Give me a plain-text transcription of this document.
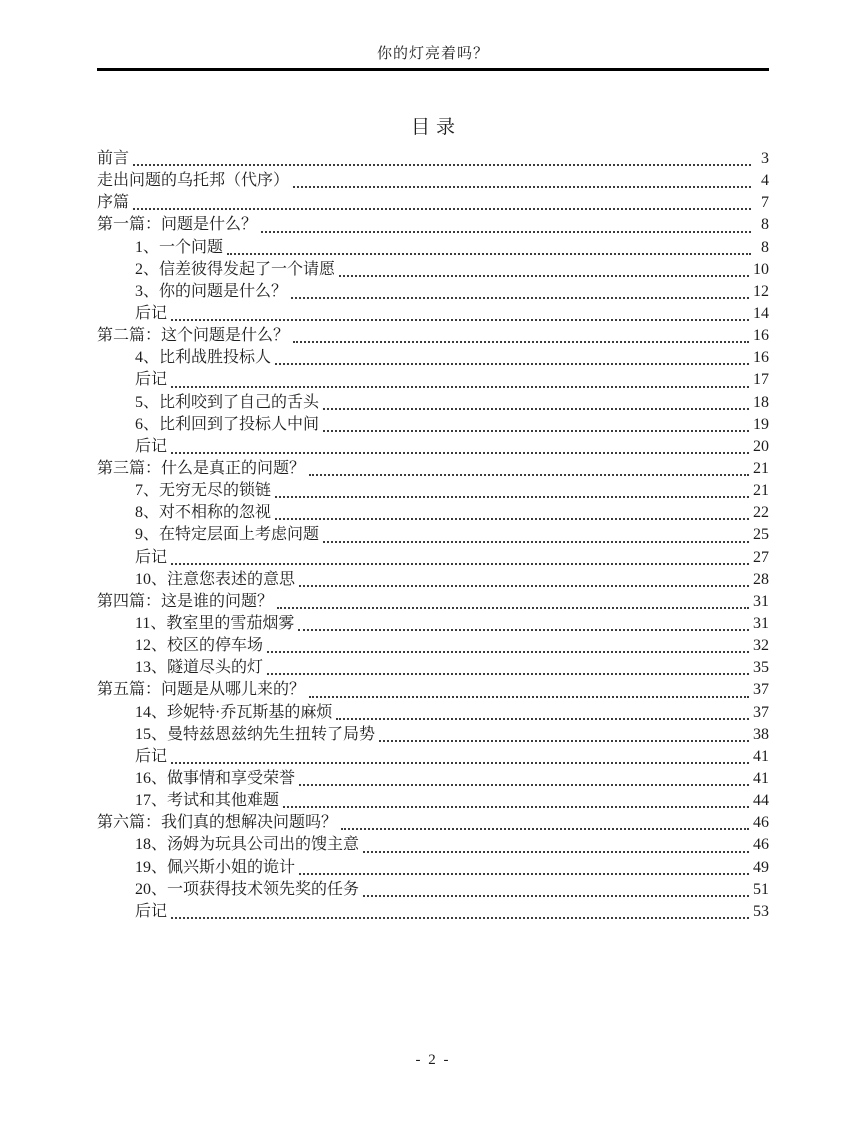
你的灯亮着吗？
目录
前言	3
走出问题的乌托邦（代序）	4
序篇	7
第一篇：问题是什么？	8
1、一个问题	8
2、信差彼得发起了一个请愿	10
3、你的问题是什么？	12
后记	14
第二篇：这个问题是什么？	16
4、比利战胜投标人	16
后记	17
5、比利咬到了自己的舌头	18
6、比利回到了投标人中间	19
后记	20
第三篇：什么是真正的问题？	21
7、无穷无尽的锁链	21
8、对不相称的忽视	22
9、在特定层面上考虑问题	25
后记	27
10、注意您表述的意思	28
第四篇：这是谁的问题？	31
11、教室里的雪茄烟雾	31
12、校区的停车场	32
13、隧道尽头的灯	35
第五篇：问题是从哪儿来的？	37
14、珍妮特·乔瓦斯基的麻烦	37
15、曼特兹恩兹纳先生扭转了局势	38
后记	41
16、做事情和享受荣誉	41
17、考试和其他难题	44
第六篇：我们真的想解决问题吗？	46
18、汤姆为玩具公司出的馊主意	46
19、佩兴斯小姐的诡计	49
20、一项获得技术领先奖的任务	51
后记	53
- 2 -
